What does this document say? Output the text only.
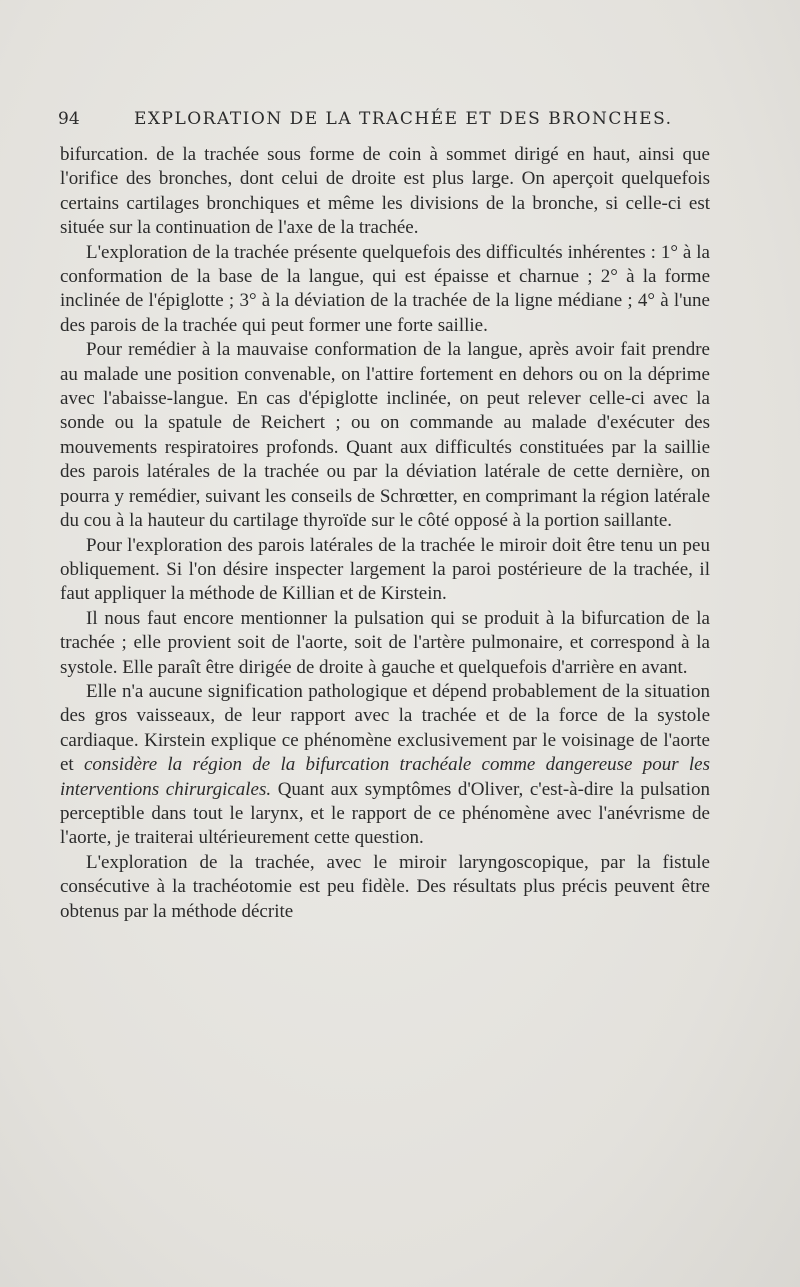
94	EXPLORATION DE LA TRACHÉE ET DES BRONCHES.

bifurcation. de la trachée sous forme de coin à sommet dirigé en haut, ainsi que l'orifice des bronches, dont celui de droite est plus large. On aperçoit quelquefois certains cartilages bronchiques et même les divisions de la bronche, si celle-ci est située sur la continuation de l'axe de la trachée.

L'exploration de la trachée présente quelquefois des difficultés inhérentes : 1° à la conformation de la base de la langue, qui est épaisse et charnue ; 2° à la forme inclinée de l'épiglotte ; 3° à la déviation de la trachée de la ligne médiane ; 4° à l'une des parois de la trachée qui peut former une forte saillie.

Pour remédier à la mauvaise conformation de la langue, après avoir fait prendre au malade une position convenable, on l'attire fortement en dehors ou on la déprime avec l'abaisse-langue. En cas d'épiglotte inclinée, on peut relever celle-ci avec la sonde ou la spatule de Reichert ; ou on commande au malade d'exécuter des mouvements respiratoires profonds. Quant aux difficultés constituées par la saillie des parois latérales de la trachée ou par la déviation latérale de cette dernière, on pourra y remédier, suivant les conseils de Schrœtter, en comprimant la région latérale du cou à la hauteur du cartilage thyroïde sur le côté opposé à la portion saillante.

Pour l'exploration des parois latérales de la trachée le miroir doit être tenu un peu obliquement. Si l'on désire inspecter largement la paroi postérieure de la trachée, il faut appliquer la méthode de Killian et de Kirstein.

Il nous faut encore mentionner la pulsation qui se produit à la bifurcation de la trachée ; elle provient soit de l'aorte, soit de l'artère pulmonaire, et correspond à la systole. Elle paraît être dirigée de droite à gauche et quelquefois d'arrière en avant.

Elle n'a aucune signification pathologique et dépend probablement de la situation des gros vaisseaux, de leur rapport avec la trachée et de la force de la systole cardiaque. Kirstein explique ce phénomène exclusivement par le voisinage de l'aorte et considère la région de la bifurcation trachéale comme dangereuse pour les interventions chirurgicales. Quant aux symptômes d'Oliver, c'est-à-dire la pulsation perceptible dans tout le larynx, et le rapport de ce phénomène avec l'anévrisme de l'aorte, je traiterai ultérieurement cette question.

L'exploration de la trachée, avec le miroir laryngoscopique, par la fistule consécutive à la trachéotomie est peu fidèle. Des résultats plus précis peuvent être obtenus par la méthode décrite
